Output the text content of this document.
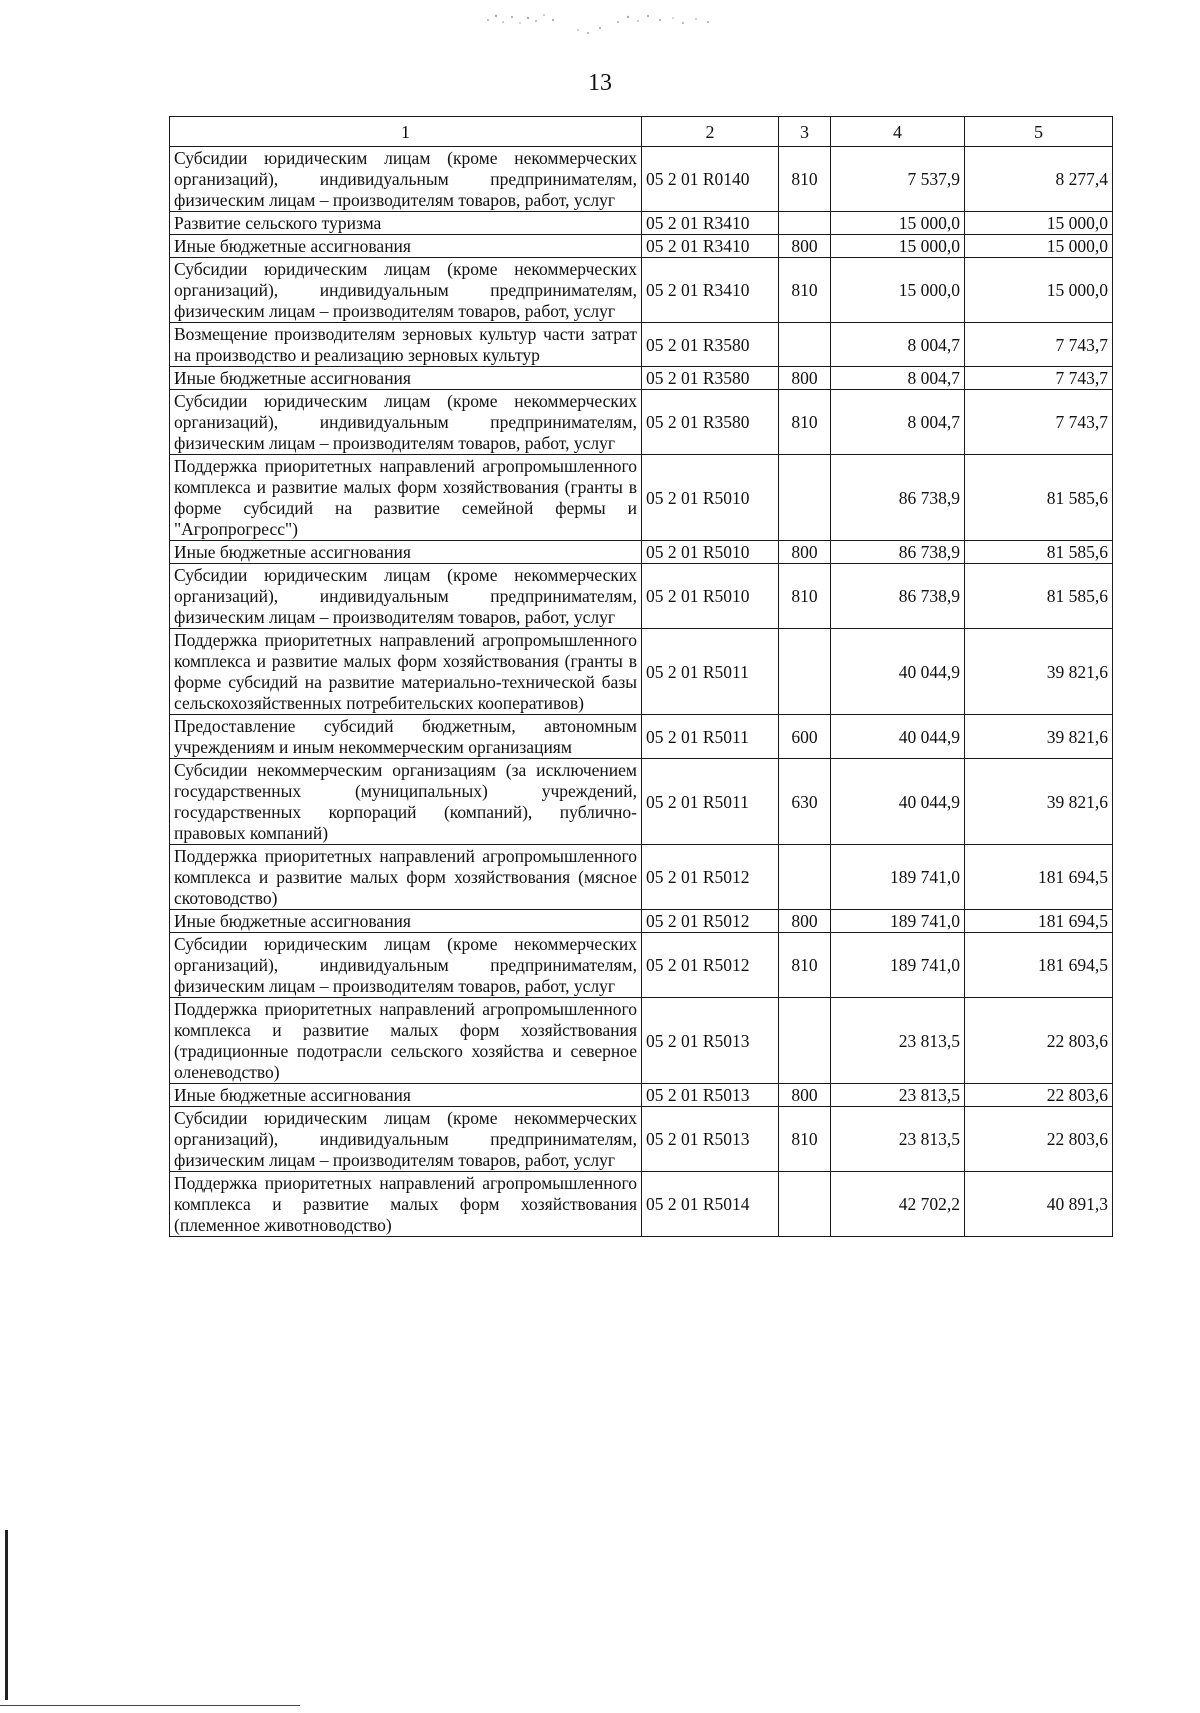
13
1	2	3	4	5
Субсидии юридическим лицам (кроме некоммерческих организаций), индивидуальным предпринимателям, физическим лицам – производителям товаров, работ, услуг	05 2 01 R0140	810	7 537,9	8 277,4
Развитие сельского туризма	05 2 01 R3410		15 000,0	15 000,0
Иные бюджетные ассигнования	05 2 01 R3410	800	15 000,0	15 000,0
Субсидии юридическим лицам (кроме некоммерческих организаций), индивидуальным предпринимателям, физическим лицам – производителям товаров, работ, услуг	05 2 01 R3410	810	15 000,0	15 000,0
Возмещение производителям зерновых культур части затрат на производство и реализацию зерновых культур	05 2 01 R3580		8 004,7	7 743,7
Иные бюджетные ассигнования	05 2 01 R3580	800	8 004,7	7 743,7
Субсидии юридическим лицам (кроме некоммерческих организаций), индивидуальным предпринимателям, физическим лицам – производителям товаров, работ, услуг	05 2 01 R3580	810	8 004,7	7 743,7
Поддержка приоритетных направлений агропромышленного комплекса и развитие малых форм хозяйствования (гранты в форме субсидий на развитие семейной фермы и "Агропрогресс")	05 2 01 R5010		86 738,9	81 585,6
Иные бюджетные ассигнования	05 2 01 R5010	800	86 738,9	81 585,6
Субсидии юридическим лицам (кроме некоммерческих организаций), индивидуальным предпринимателям, физическим лицам – производителям товаров, работ, услуг	05 2 01 R5010	810	86 738,9	81 585,6
Поддержка приоритетных направлений агропромышленного комплекса и развитие малых форм хозяйствования (гранты в форме субсидий на развитие материально-технической базы сельскохозяйственных потребительских кооперативов)	05 2 01 R5011		40 044,9	39 821,6
Предоставление субсидий бюджетным, автономным учреждениям и иным некоммерческим организациям	05 2 01 R5011	600	40 044,9	39 821,6
Субсидии некоммерческим организациям (за исключением государственных (муниципальных) учреждений, государственных корпораций (компаний), публично-правовых компаний)	05 2 01 R5011	630	40 044,9	39 821,6
Поддержка приоритетных направлений агропромышленного комплекса и развитие малых форм хозяйствования (мясное скотоводство)	05 2 01 R5012		189 741,0	181 694,5
Иные бюджетные ассигнования	05 2 01 R5012	800	189 741,0	181 694,5
Субсидии юридическим лицам (кроме некоммерческих организаций), индивидуальным предпринимателям, физическим лицам – производителям товаров, работ, услуг	05 2 01 R5012	810	189 741,0	181 694,5
Поддержка приоритетных направлений агропромышленного комплекса и развитие малых форм хозяйствования (традиционные подотрасли сельского хозяйства и северное оленеводство)	05 2 01 R5013		23 813,5	22 803,6
Иные бюджетные ассигнования	05 2 01 R5013	800	23 813,5	22 803,6
Субсидии юридическим лицам (кроме некоммерческих организаций), индивидуальным предпринимателям, физическим лицам – производителям товаров, работ, услуг	05 2 01 R5013	810	23 813,5	22 803,6
Поддержка приоритетных направлений агропромышленного комплекса и развитие малых форм хозяйствования (племенное животноводство)	05 2 01 R5014		42 702,2	40 891,3
